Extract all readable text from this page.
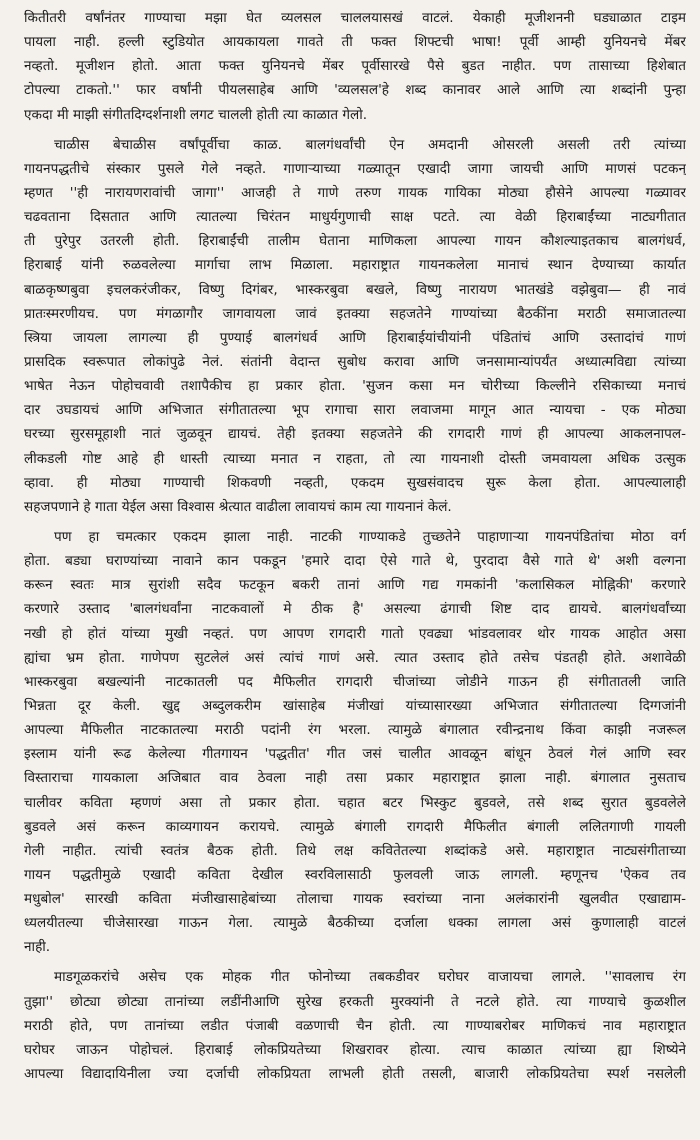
कितीतरी वर्षांनंतर गाण्याचा मझा घेत व्यलसल चाललयासखं वाटलं. येकाही मूजीशननी घड्याळात टाइम
पायला नाही. हल्ली स्टुडियोत आयकायला गावते ती फक्त शिफ्टची भाषा! पूर्वी आम्ही युनियनचे मेंबर
नव्हतो. मूजीशन होतो. आता फक्त युनियनचे मेंबर पूर्वीसारखे पैसे बुडत नाहीत. पण तासाच्या हिशेबात
टोपल्या टाकतो.'' फार वर्षांनी पीयलसाहेब आणि 'व्यलसल'हे शब्द कानावर आले आणि त्या शब्दांनी पुन्हा
एकदा मी माझी संगीतदिग्दर्शनाशी लगट चालली होती त्या काळात गेलो.
चाळीस बेचाळीस वर्षांपूर्वीचा काळ. बालगंधर्वांची ऐन अमदानी ओसरली असली तरी त्यांच्या
गायनपद्धतीचे संस्कार पुसले गेले नव्हते. गाणाऱ्याच्या गळ्यातून एखादी जागा जायची आणि माणसं पटकन्
म्हणत ''ही नारायणरावांची जागा'' आजही ते गाणे तरुण गायक गायिका मोठ्या हौसेने आपल्या गळ्यावर
चढवताना दिसतात आणि त्यातल्या चिरंतन माधुर्यगुणाची साक्ष पटते. त्या वेळी हिराबाईंच्या नाट्यगीतात
ती पुरेपुर उतरली होती. हिराबाईंची तालीम घेताना माणिकला आपल्या गायन कौशल्याइतकाच बालगंधर्व,
हिराबाई यांनी रुळवलेल्या मार्गाचा लाभ मिळाला. महाराष्ट्रात गायनकलेला मानाचं स्थान देण्याच्या कार्यात
बाळकृष्णबुवा इचलकरंजीकर, विष्णु दिगंबर, भास्करबुवा बखले, विष्णु नारायण भातखंडे वझेबुवा— ही नावं
प्रातःस्मरणीयच. पण मंगळागौर जागवायला जावं इतक्या सहजतेने गाण्यांच्या बैठकींना मराठी समाजातल्या
स्त्रिया जायला लागल्या ही पुण्याई बालगंधर्व आणि हिराबाईयांचीयांनी पंडितांचं आणि उस्तादांचं गाणं
प्रासदिक स्वरूपात लोकांपुढे नेलं. संतांनी वेदान्त सुबोध करावा आणि जनसामान्यांपर्यंत अध्यात्मविद्या त्यांच्या
भाषेत नेऊन पोहोचवावी तशापैकीच हा प्रकार होता. 'सुजन कसा मन चोरीच्या किल्लीने रसिकाच्या मनाचं
दार उघडायचं आणि अभिजात संगीतातल्या भूप रागाचा सारा लवाजमा मागून आत न्यायचा - एक मोठ्या
घरच्या सुरसमूहाशी नातं जुळवून द्यायचं. तेही इतक्या सहजतेने की रागदारी गाणं ही आपल्या आकलनापल-
लीकडली गोष्ट आहे ही धास्ती त्याच्या मनात न राहता, तो त्या गायनाशी दोस्ती जमवायला अधिक उत्सुक
व्हावा. ही मोठ्या गाण्याची शिकवणी नव्हती, एकदम सुखसंवादच सुरू केला होता. आपल्यालाही
सहजपणाने हे गाता येईल असा विश्वास श्रेत्यात वाढीला लावायचं काम त्या गायनानं केलं.
पण हा चमत्कार एकदम झाला नाही. नाटकी गाण्याकडे तुच्छतेने पाहाणाऱ्या गायनपंडितांचा मोठा वर्ग
होता. बड्या घराण्यांच्या नावाने कान पकडून 'हमारे दादा ऐसे गाते थे, पुरदादा वैसे गाते थे' अशी वल्गना
करून स्वतः मात्र सुरांशी सदैव फटकून बकरी तानां आणि गद्य गमकांनी 'कलासिकल मोह्निकी' करणारे
करणारे उस्ताद 'बालगंधर्वांना नाटकवालों मे ठीक है' असल्या ढंगाची शिष्ट दाद द्यायचे. बालगंधर्वांच्या
नखी हो होतं यांच्या मुखी नव्हतं. पण आपण रागदारी गातो एवढ्या भांडवलावर थोर गायक आहोत असा
ह्यांचा भ्रम होता. गाणेपण सुटलेलं असं त्यांचं गाणं असे. त्यात उस्ताद होते तसेच पंडतही होते. अशावेळी
भास्करबुवा बखल्यांनी नाटकातली पद मैफिलीत रागदारी चीजांच्या जोडीने गाऊन ही संगीतातली जाति
भिन्नता दूर केली. खुद्द अब्दुलकरीम खांसाहेब मंजीखां यांच्यासारख्या अभिजात संगीतातल्या दिग्गजांनी
आपल्या मैफिलीत नाटकातल्या मराठी पदांनी रंग भरला. त्यामुळे बंगालात रवीन्द्रनाथ किंवा काझी नजरूल
इस्लाम यांनी रूढ केलेल्या गीतगायन 'पद्धतीत' गीत जसं चालीत आवळून बांधून ठेवलं गेलं आणि स्वर
विस्ताराचा गायकाला अजिबात वाव ठेवला नाही तसा प्रकार महाराष्ट्रात झाला नाही. बंगालात नुसताच
चालीवर कविता म्हणणं असा तो प्रकार होता. चहात बटर भिस्कुट बुडवले, तसे शब्द सुरात बुडवलेले
बुडवले असं करून काव्यगायन करायचे. त्यामुळे बंगाली रागदारी मैफिलीत बंगाली ललितगाणी गायली
गेली नाहीत. त्यांची स्वतंत्र बैठक होती. तिथे लक्ष कवितेतल्या शब्दांकडे असे. महाराष्ट्रात नाट्यसंगीताच्या
गायन पद्धतीमुळे एखादी कविता देखील स्वरविलासाठी फुलवली जाऊ लागली. म्हणूनच 'ऐकव तव
मधुबोल' सारखी कविता मंजीखासाहेबांच्या तोलाचा गायक स्वरांच्या नाना अलंकारांनी खुलवीत एखाद्याम-
ध्यलयीतल्या चीजेसारखा गाऊन गेला. त्यामुळे बैठकीच्या दर्जाला धक्का लागला असं कुणालाही वाटलं
नाही.
माडगूळकरांचे असेच एक मोहक गीत फोनोच्या तबकडीवर घरोघर वाजायचा लागले. ''सावलाच रंग
तुझा'' छोट्या छोट्या तानांच्या लडींनीआणि सुरेख हरकती मुरक्यांनी ते नटले होते. त्या गाण्याचे कुळशील
मराठी होते, पण तानांच्या लडीत पंजाबी वळणाची चैन होती. त्या गाण्याबरोबर माणिकचं नाव महाराष्ट्रात
घरोघर जाऊन पोहोचलं. हिराबाई लोकप्रियतेच्या शिखरावर होत्या. त्याच काळात त्यांच्या ह्या शिष्येने
आपल्या विद्यादायिनीला ज्या दर्जाची लोकप्रियता लाभली होती तसली, बाजारी लोकप्रियतेचा स्पर्श नसलेली
